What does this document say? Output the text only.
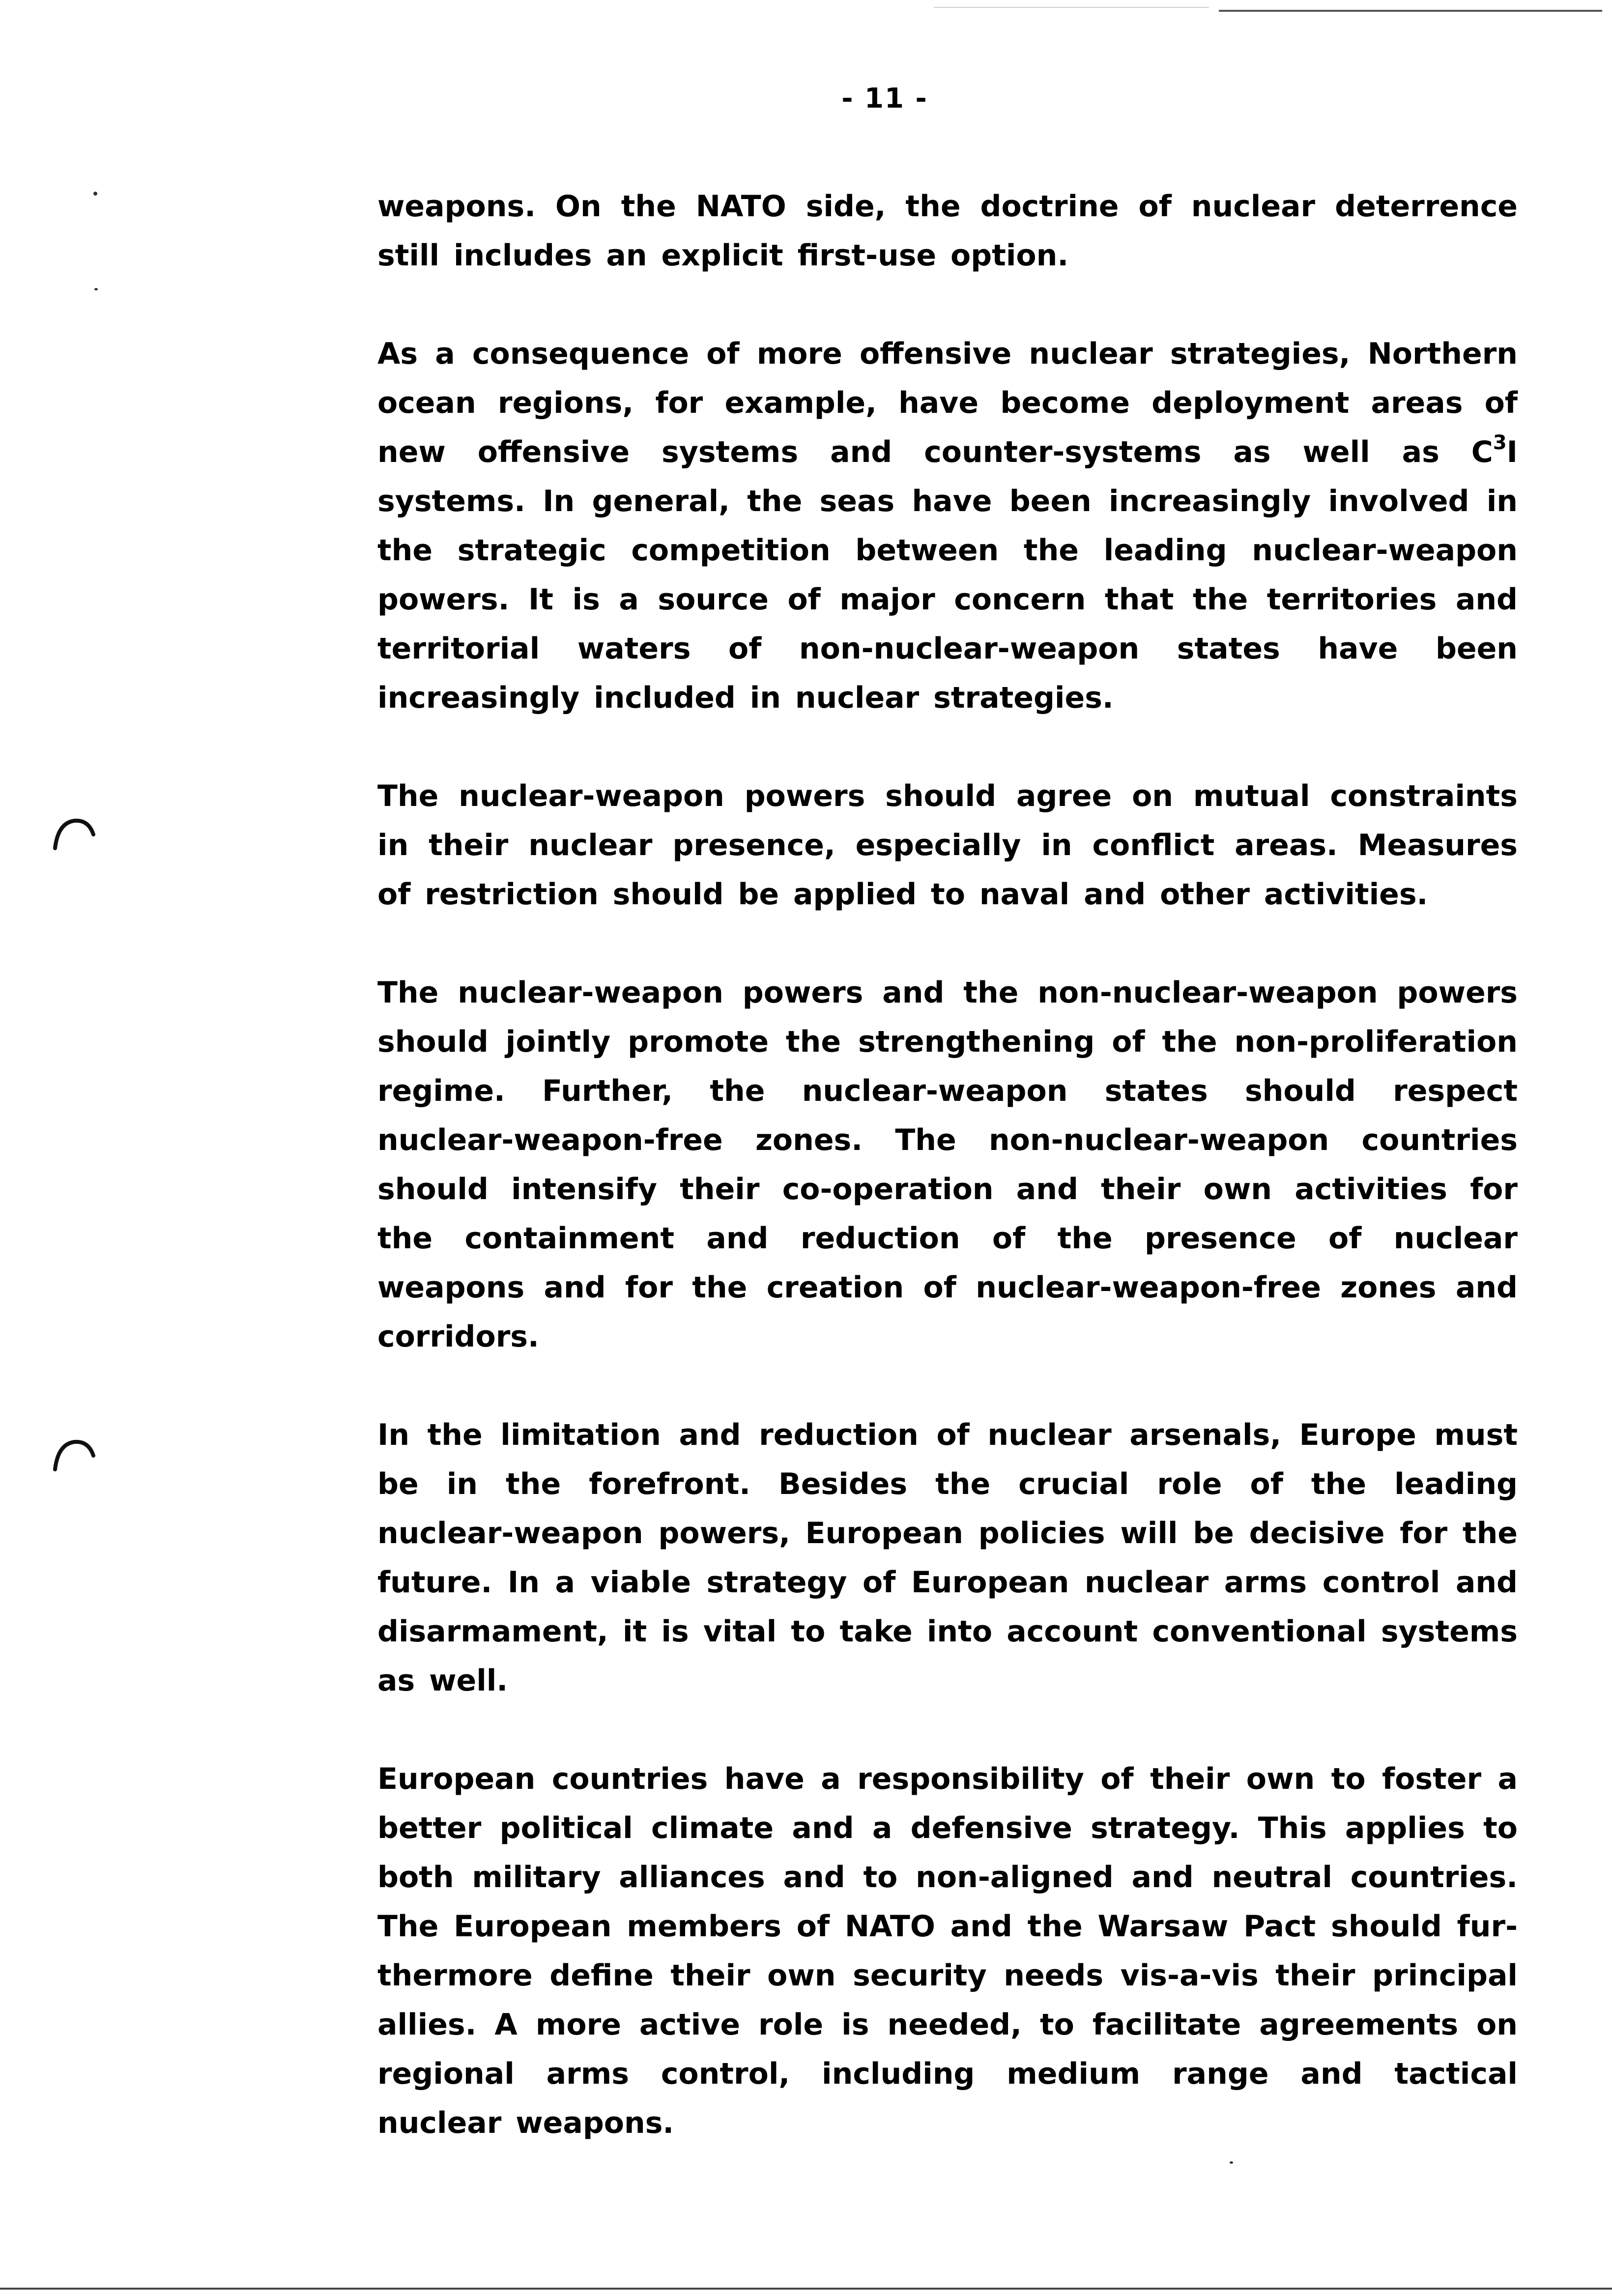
- 11 -

weapons. On the NATO side, the doctrine of nuclear deterrence still includes an explicit first-use option.

As a consequence of more offensive nuclear strategies, Northern ocean regions, for example, have become deployment areas of new offensive systems and counter-systems as well as $C^3I$ systems. In general, the seas have been increasingly involved in the strategic competition between the leading nuclear-weapon powers. It is a source of major concern that the territories and territorial waters of non-nuclear-weapon states have been increasingly included in nuclear strategies.

The nuclear-weapon powers should agree on mutual constraints in their nuclear presence, especially in conflict areas. Measures of restriction should be applied to naval and other activities.

The nuclear-weapon powers and the non-nuclear-weapon powers should jointly promote the strengthening of the non-proliferation regime. Further, the nuclear-weapon states should respect nuclear-weapon-free zones. The non-nuclear-weapon countries should intensify their co-operation and their own activities for the containment and reduction of the presence of nuclear weapons and for the creation of nuclear-weapon-free zones and corridors.

In the limitation and reduction of nuclear arsenals, Europe must be in the forefront. Besides the crucial role of the leading nuclear-weapon powers, European policies will be decisive for the future. In a viable strategy of European nuclear arms control and disarmament, it is vital to take into account conventional systems as well.

European countries have a responsibility of their own to foster a better political climate and a defensive strategy. This applies to both military alliances and to non-aligned and neutral countries. The European members of NATO and the Warsaw Pact should fur-thermore define their own security needs vis-a-vis their principal allies. A more active role is needed, to facilitate agreements on regional arms control, including medium range and tactical nuclear weapons.
